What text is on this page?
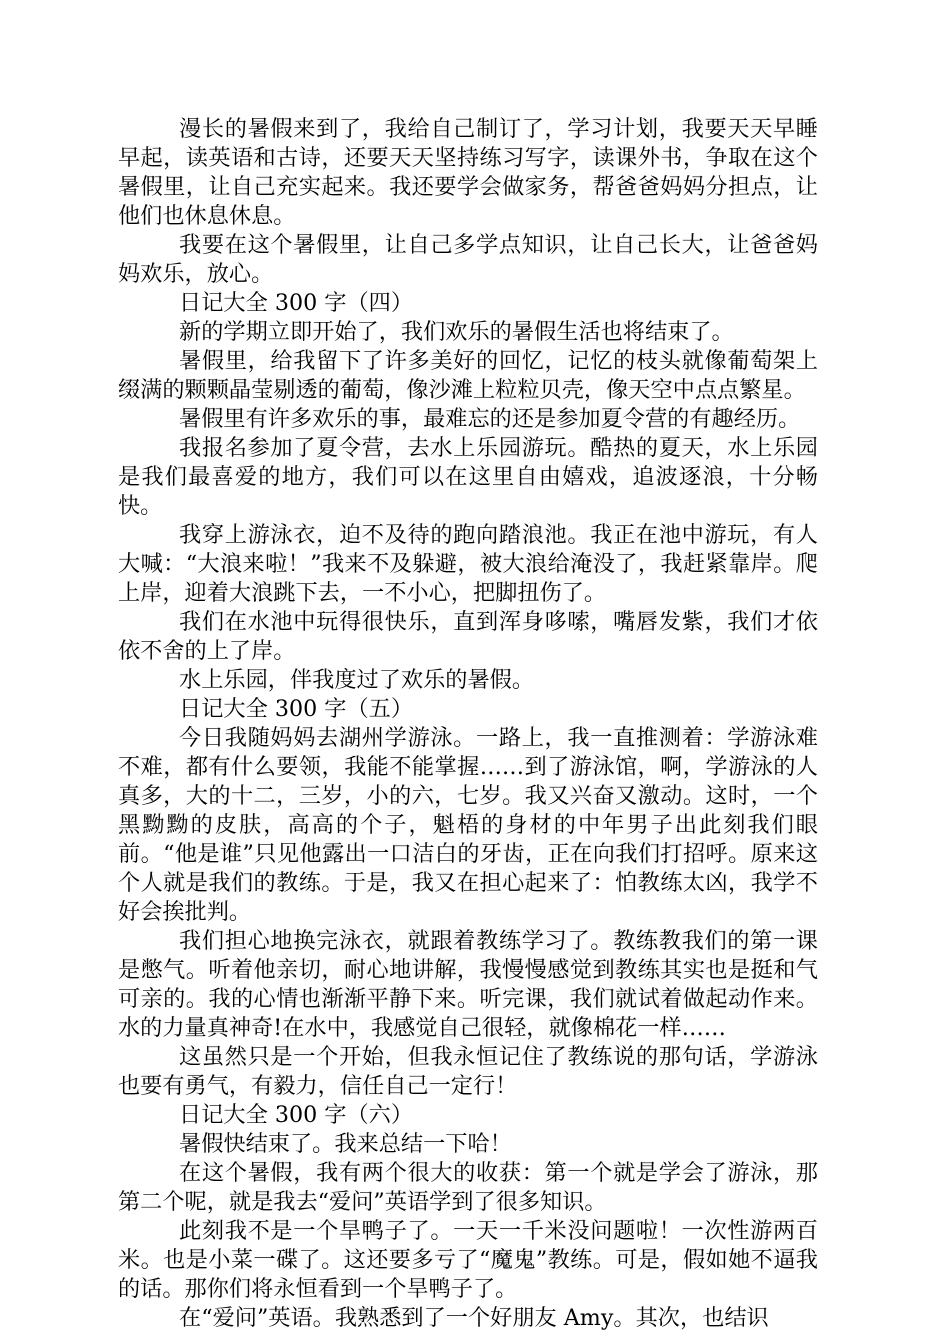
漫长的暑假来到了，我给自己制订了，学习计划，我要天天早睡早起，读英语和古诗，还要天天坚持练习写字，读课外书，争取在这个暑假里，让自己充实起来。我还要学会做家务，帮爸爸妈妈分担点，让他们也休息休息。

我要在这个暑假里，让自己多学点知识，让自己长大，让爸爸妈妈欢乐，放心。

日记大全 300 字（四）

新的学期立即开始了，我们欢乐的暑假生活也将结束了。

暑假里，给我留下了许多美好的回忆，记忆的枝头就像葡萄架上缀满的颗颗晶莹剔透的葡萄，像沙滩上粒粒贝壳，像天空中点点繁星。

暑假里有许多欢乐的事，最难忘的还是参加夏令营的有趣经历。

我报名参加了夏令营，去水上乐园游玩。酷热的夏天，水上乐园是我们最喜爱的地方，我们可以在这里自由嬉戏，追波逐浪，十分畅快。

我穿上游泳衣，迫不及待的跑向踏浪池。我正在池中游玩，有人大喊：“大浪来啦！”我来不及躲避，被大浪给淹没了，我赶紧靠岸。爬上岸，迎着大浪跳下去，一不小心，把脚扭伤了。

我们在水池中玩得很快乐，直到浑身哆嗦，嘴唇发紫，我们才依依不舍的上了岸。

水上乐园，伴我度过了欢乐的暑假。

日记大全 300 字（五）

今日我随妈妈去湖州学游泳。一路上，我一直推测着：学游泳难不难，都有什么要领，我能不能掌握……到了游泳馆，啊，学游泳的人真多，大的十二，三岁，小的六，七岁。我又兴奋又激动。这时，一个黑黝黝的皮肤，高高的个子，魁梧的身材的中年男子出此刻我们眼前。“他是谁”只见他露出一口洁白的牙齿，正在向我们打招呼。原来这个人就是我们的教练。于是，我又在担心起来了：怕教练太凶，我学不好会挨批判。

我们担心地换完泳衣，就跟着教练学习了。教练教我们的第一课是憋气。听着他亲切，耐心地讲解，我慢慢感觉到教练其实也是挺和气可亲的。我的心情也渐渐平静下来。听完课，我们就试着做起动作来。水的力量真神奇!在水中，我感觉自己很轻，就像棉花一样……

这虽然只是一个开始，但我永恒记住了教练说的那句话，学游泳也要有勇气，有毅力，信任自己一定行！

日记大全 300 字（六）

暑假快结束了。我来总结一下哈！

在这个暑假，我有两个很大的收获：第一个就是学会了游泳，那第二个呢，就是我去“爱问”英语学到了很多知识。

此刻我不是一个旱鸭子了。一天一千米没问题啦！一次性游两百米。也是小菜一碟了。这还要多亏了“魔鬼”教练。可是，假如她不逼我的话。那你们将永恒看到一个旱鸭子了。

在“爱问”英语。我熟悉到了一个好朋友 Amy。其次，也结识
